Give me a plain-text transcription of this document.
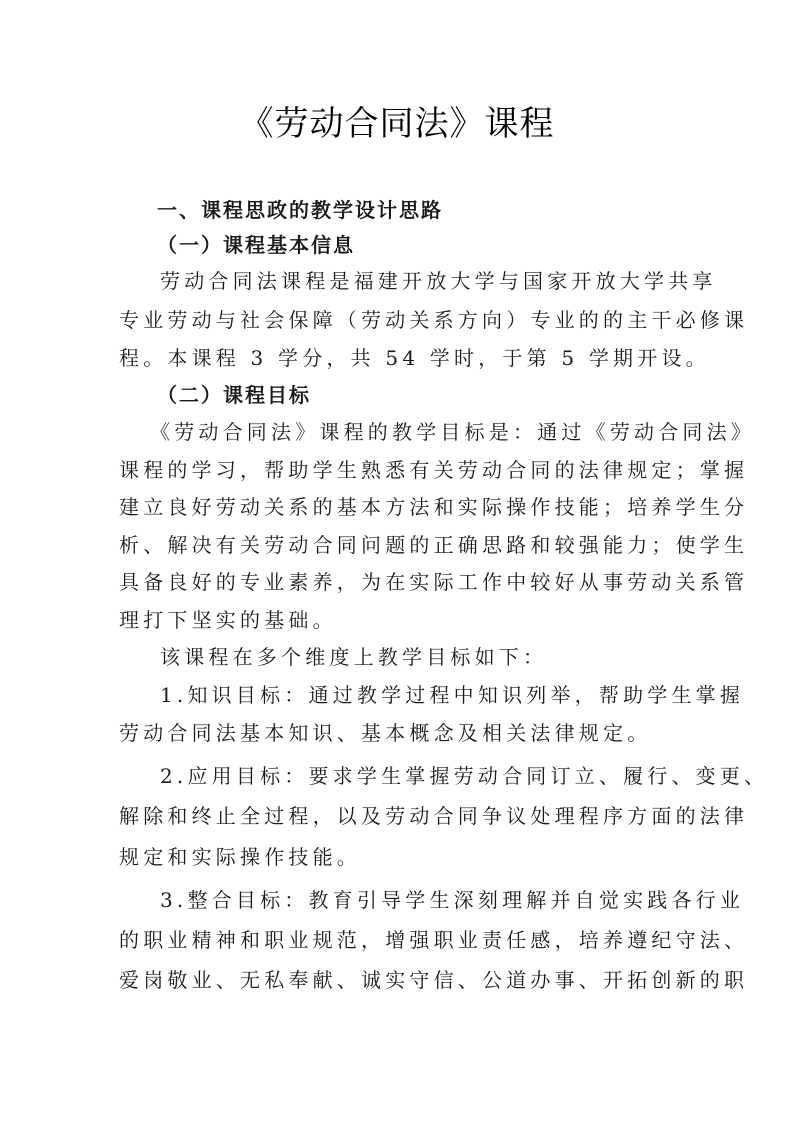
《劳动合同法》课程
一、课程思政的教学设计思路
（一）课程基本信息
劳动合同法课程是福建开放大学与国家开放大学共享
专业劳动与社会保障（劳动关系方向）专业的的主干必修课
程。本课程 3 学分，共 54 学时，于第 5 学期开设。
（二）课程目标
《劳动合同法》课程的教学目标是：通过《劳动合同法》
课程的学习，帮助学生熟悉有关劳动合同的法律规定；掌握
建立良好劳动关系的基本方法和实际操作技能；培养学生分
析、解决有关劳动合同问题的正确思路和较强能力；使学生
具备良好的专业素养，为在实际工作中较好从事劳动关系管
理打下坚实的基础。
该课程在多个维度上教学目标如下：
1.知识目标：通过教学过程中知识列举，帮助学生掌握
劳动合同法基本知识、基本概念及相关法律规定。
2.应用目标：要求学生掌握劳动合同订立、履行、变更、
解除和终止全过程，以及劳动合同争议处理程序方面的法律
规定和实际操作技能。
3.整合目标：教育引导学生深刻理解并自觉实践各行业
的职业精神和职业规范，增强职业责任感，培养遵纪守法、
爱岗敬业、无私奉献、诚实守信、公道办事、开拓创新的职
